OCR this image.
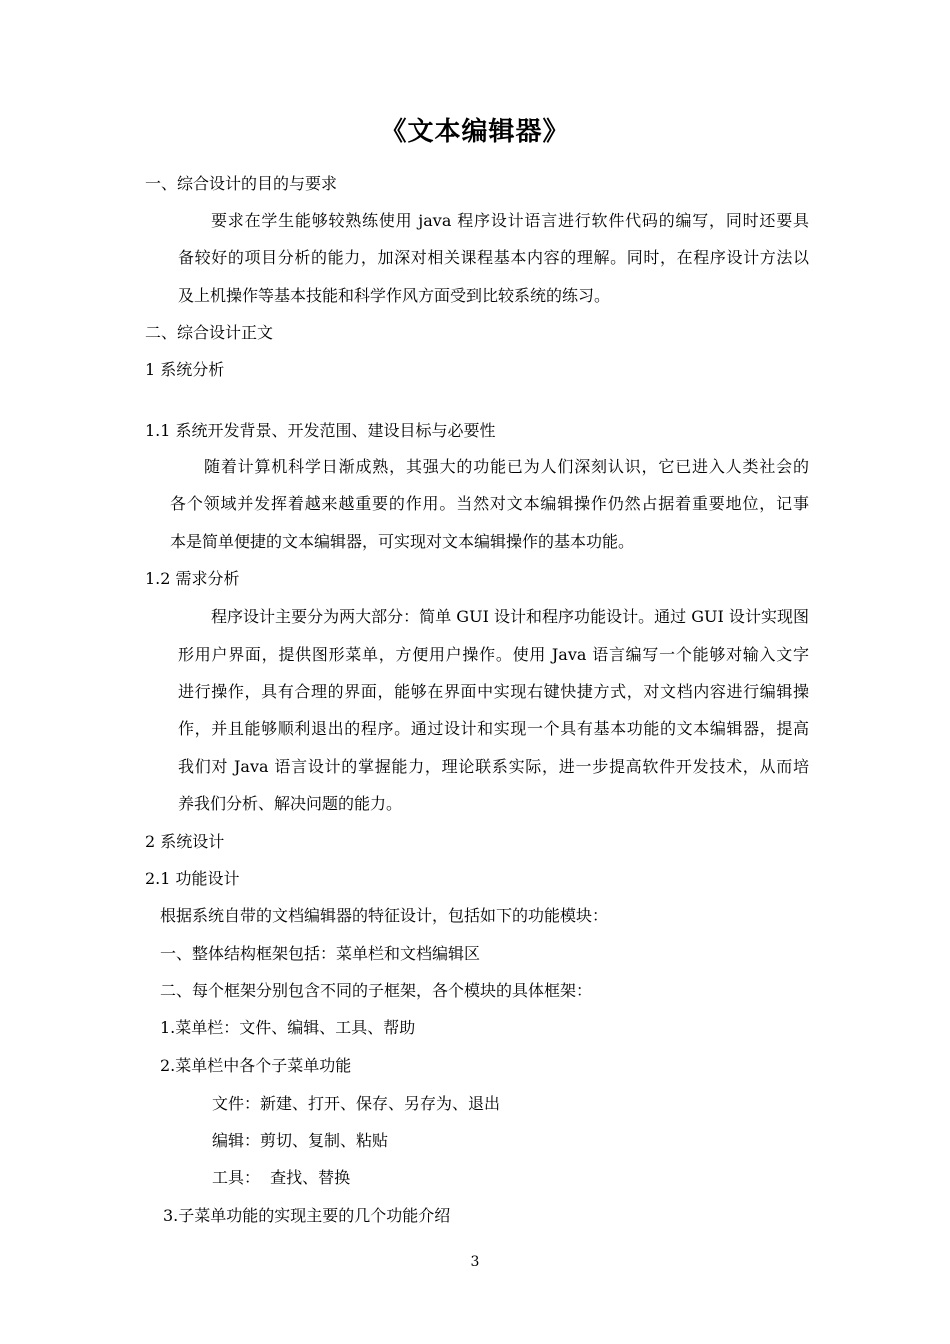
《文本编辑器》
一、综合设计的目的与要求
要求在学生能够较熟练使用 java 程序设计语言进行软件代码的编写，同时还要具
备较好的项目分析的能力，加深对相关课程基本内容的理解。同时，在程序设计方法以
及上机操作等基本技能和科学作风方面受到比较系统的练习。
二、综合设计正文
1 系统分析
1.1 系统开发背景、开发范围、建设目标与必要性
随着计算机科学日渐成熟，其强大的功能已为人们深刻认识，它已进入人类社会的
各个领域并发挥着越来越重要的作用。当然对文本编辑操作仍然占据着重要地位，记事
本是简单便捷的文本编辑器，可实现对文本编辑操作的基本功能。
1.2 需求分析
程序设计主要分为两大部分：简单 GUI 设计和程序功能设计。通过 GUI 设计实现图
形用户界面，提供图形菜单，方便用户操作。使用 Java 语言编写一个能够对输入文字
进行操作，具有合理的界面，能够在界面中实现右键快捷方式，对文档内容进行编辑操
作，并且能够顺利退出的程序。通过设计和实现一个具有基本功能的文本编辑器，提高
我们对 Java 语言设计的掌握能力，理论联系实际，进一步提高软件开发技术，从而培
养我们分析、解决问题的能力。
2 系统设计
2.1 功能设计
根据系统自带的文档编辑器的特征设计，包括如下的功能模块：
一、整体结构框架包括：菜单栏和文档编辑区
二、每个框架分别包含不同的子框架，各个模块的具体框架：
1.菜单栏：文件、编辑、工具、帮助
2.菜单栏中各个子菜单功能
文件：新建、打开、保存、另存为、退出
编辑：剪切、复制、粘贴
工具：  查找、替换
3.子菜单功能的实现主要的几个功能介绍
3
